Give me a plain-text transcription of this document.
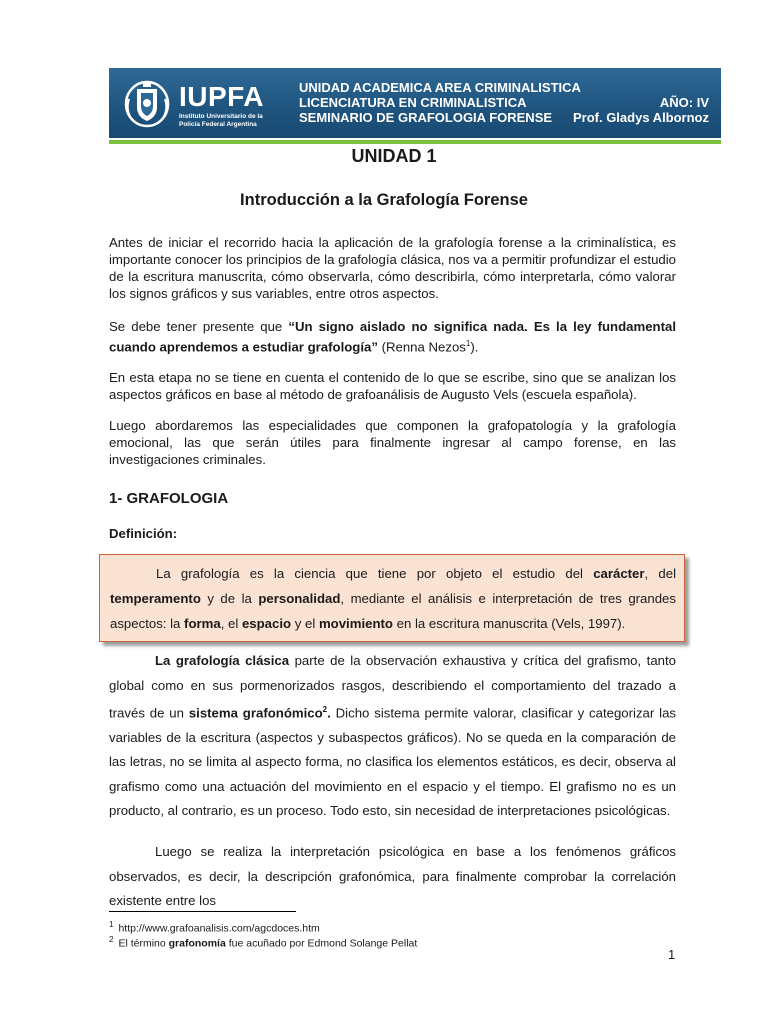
IUPFA
Instituto Universitario de la
Policía Federal Argentina
UNIDAD ACADEMICA AREA CRIMINALISTICA
LICENCIATURA EN CRIMINALISTICA
SEMINARIO DE GRAFOLOGIA FORENSE
AÑO: IV
Prof. Gladys Albornoz
UNIDAD 1
Introducción a la Grafología Forense
Antes de iniciar el recorrido hacia la aplicación de la grafología forense a la criminalística, es importante conocer los principios de la grafología clásica, nos va a permitir profundizar el estudio de la escritura manuscrita, cómo observarla, cómo describirla, cómo interpretarla, cómo valorar los signos gráficos y sus variables, entre otros aspectos.
Se debe tener presente que “Un signo aislado no significa nada. Es la ley fundamental cuando aprendemos a estudiar grafología” (Renna Nezos$^1$).
En esta etapa no se tiene en cuenta el contenido de lo que se escribe, sino que se analizan los aspectos gráficos en base al método de grafoanálisis de Augusto Vels (escuela española).
Luego abordaremos las especialidades que componen la grafopatología y la grafología emocional, las que serán útiles para finalmente ingresar al campo forense, en las investigaciones criminales.
1- GRAFOLOGIA
Definición:
La grafología es la ciencia que tiene por objeto el estudio del carácter, del temperamento y de la personalidad, mediante el análisis e interpretación de tres grandes aspectos: la forma, el espacio y el movimiento en la escritura manuscrita (Vels, 1997).
La grafología clásica parte de la observación exhaustiva y crítica del grafismo, tanto global como en sus pormenorizados rasgos, describiendo el comportamiento del trazado a través de un sistema grafonómico$^2$. Dicho sistema permite valorar, clasificar y categorizar las variables de la escritura (aspectos y subaspectos gráficos). No se queda en la comparación de las letras, no se limita al aspecto forma, no clasifica los elementos estáticos, es decir, observa al grafismo como una actuación del movimiento en el espacio y el tiempo. El grafismo no es un producto, al contrario, es un proceso. Todo esto, sin necesidad de interpretaciones psicológicas.
Luego se realiza la interpretación psicológica en base a los fenómenos gráficos observados, es decir, la descripción grafonómica, para finalmente comprobar la correlación existente entre los
$^1$ http://www.grafoanalisis.com/agcdoces.htm
$^2$ El término grafonomía fue acuñado por Edmond Solange Pellat
1
